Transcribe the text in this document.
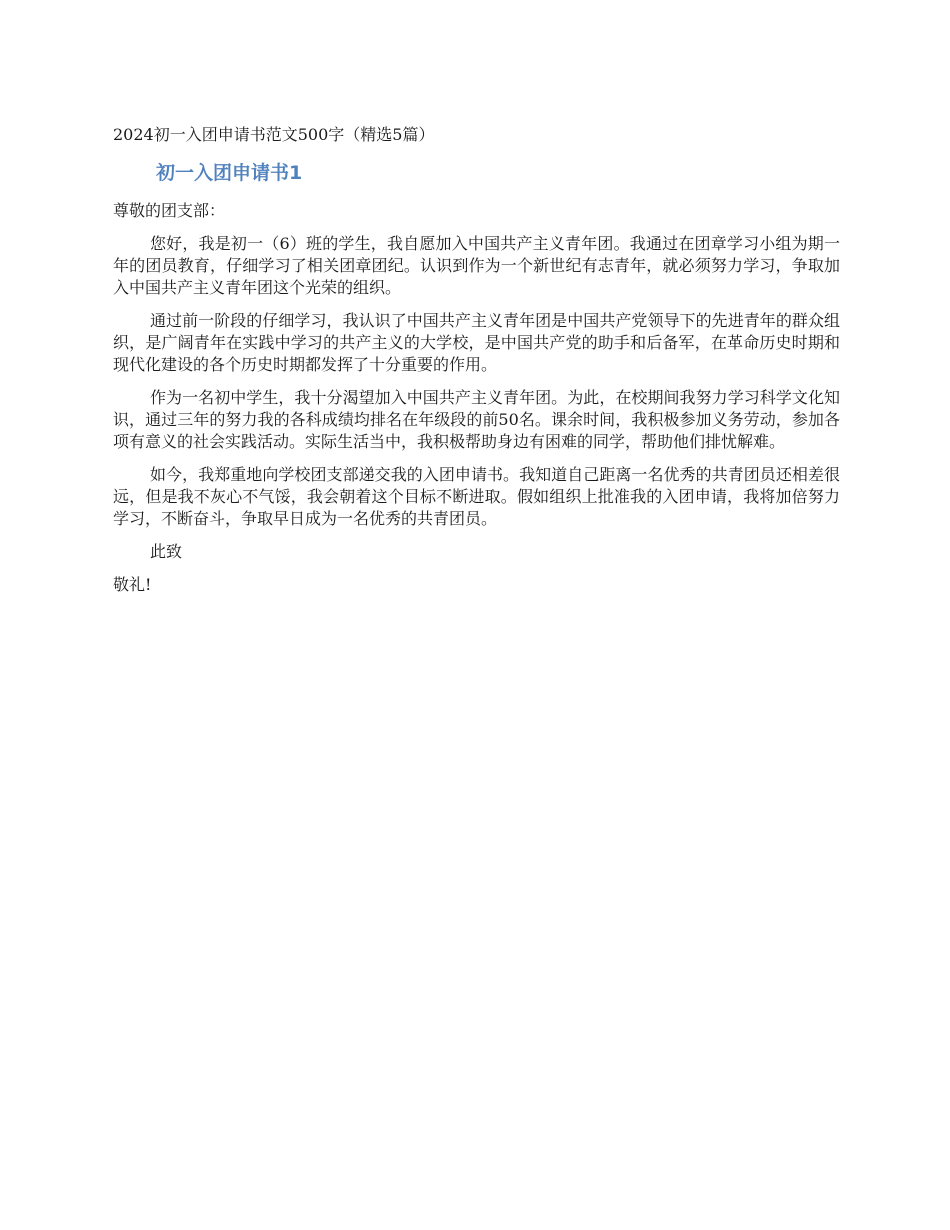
2024初一入团申请书范文500字（精选5篇）

初一入团申请书1

尊敬的团支部：

您好，我是初一（6）班的学生，我自愿加入中国共产主义青年团。我通过在团章学习小组为期一年的团员教育，仔细学习了相关团章团纪。认识到作为一个新世纪有志青年，就必须努力学习，争取加入中国共产主义青年团这个光荣的组织。

通过前一阶段的仔细学习，我认识了中国共产主义青年团是中国共产党领导下的先进青年的群众组织，是广阔青年在实践中学习的共产主义的大学校，是中国共产党的助手和后备军，在革命历史时期和现代化建设的各个历史时期都发挥了十分重要的作用。

作为一名初中学生，我十分渴望加入中国共产主义青年团。为此，在校期间我努力学习科学文化知识，通过三年的努力我的各科成绩均排名在年级段的前50名。课余时间，我积极参加义务劳动，参加各项有意义的社会实践活动。实际生活当中，我积极帮助身边有困难的同学，帮助他们排忧解难。

如今，我郑重地向学校团支部递交我的入团申请书。我知道自己距离一名优秀的共青团员还相差很远，但是我不灰心不气馁，我会朝着这个目标不断进取。假如组织上批准我的入团申请，我将加倍努力学习，不断奋斗，争取早日成为一名优秀的共青团员。

此致

敬礼!
